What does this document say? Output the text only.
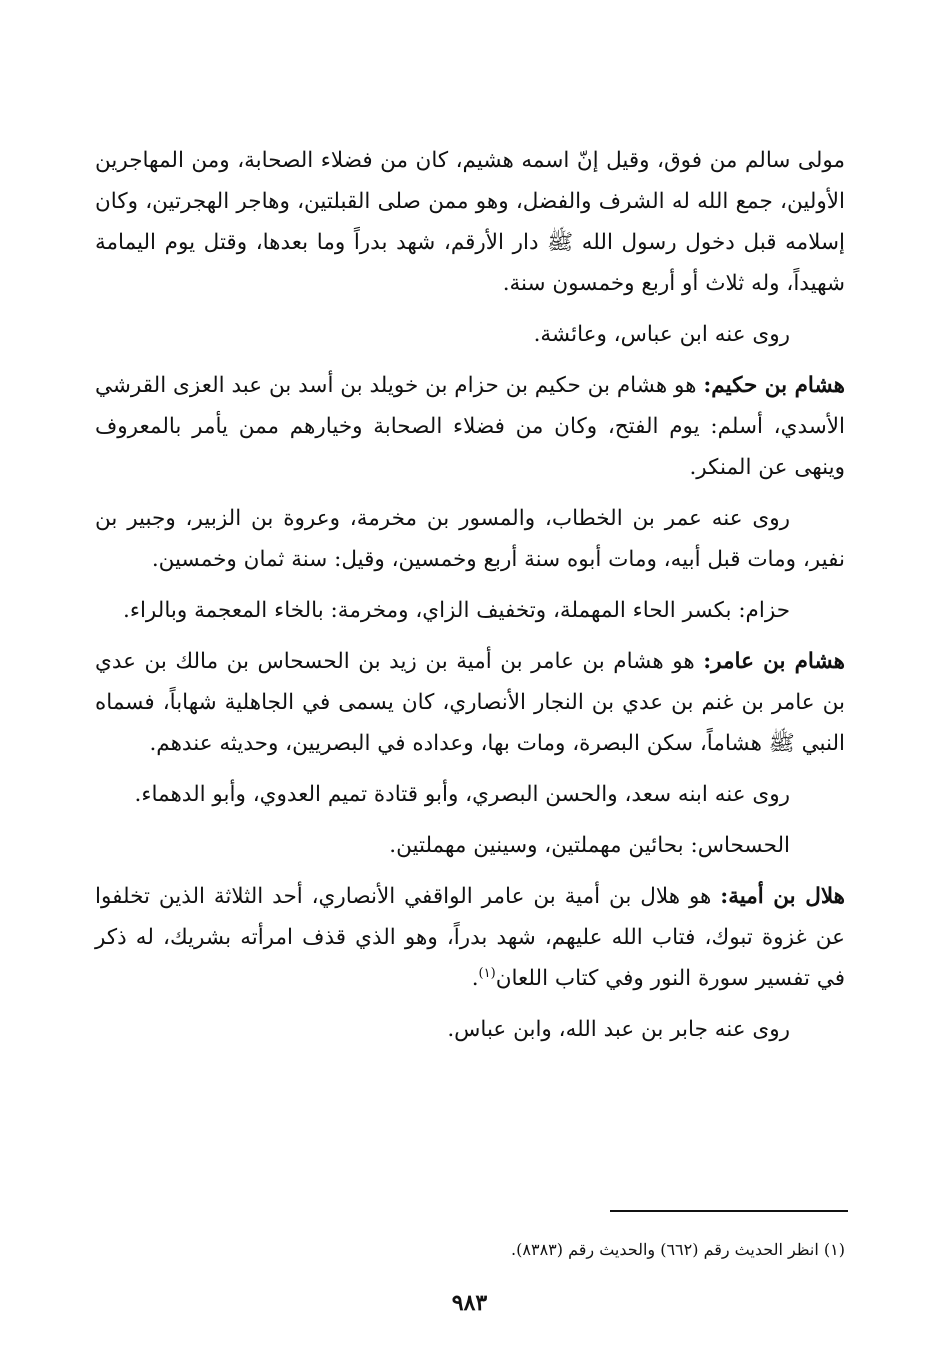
مولى سالم من فوق، وقيل إنّ اسمه هشيم، كان من فضلاء الصحابة، ومن المهاجرين الأولين، جمع الله له الشرف والفضل، وهو ممن صلى القبلتين، وهاجر الهجرتين، وكان إسلامه قبل دخول رسول الله ﷺ دار الأرقم، شهد بدراً وما بعدها، وقتل يوم اليمامة شهيداً، وله ثلاث أو أربع وخمسون سنة.

روى عنه ابن عباس، وعائشة.

هشام بن حكيم: هو هشام بن حكيم بن حزام بن خويلد بن أسد بن عبد العزى القرشي الأسدي، أسلم: يوم الفتح، وكان من فضلاء الصحابة وخيارهم ممن يأمر بالمعروف وينهى عن المنكر.

روى عنه عمر بن الخطاب، والمسور بن مخرمة، وعروة بن الزبير، وجبير بن نفير، ومات قبل أبيه، ومات أبوه سنة أربع وخمسين، وقيل: سنة ثمان وخمسين.

حزام: بكسر الحاء المهملة، وتخفيف الزاي، ومخرمة: بالخاء المعجمة وبالراء.

هشام بن عامر: هو هشام بن عامر بن أمية بن زيد بن الحسحاس بن مالك بن عدي بن عامر بن غنم بن عدي بن النجار الأنصاري، كان يسمى في الجاهلية شهاباً، فسماه النبي ﷺ هشاماً، سكن البصرة، ومات بها، وعداده في البصريين، وحديثه عندهم.

روى عنه ابنه سعد، والحسن البصري، وأبو قتادة تميم العدوي، وأبو الدهماء.

الحسحاس: بحائين مهملتين، وسينين مهملتين.

هلال بن أمية: هو هلال بن أمية بن عامر الواقفي الأنصاري، أحد الثلاثة الذين تخلفوا عن غزوة تبوك، فتاب الله عليهم، شهد بدراً، وهو الذي قذف امرأته بشريك، له ذكر في تفسير سورة النور وفي كتاب اللعان$^{(١)}$.

روى عنه جابر بن عبد الله، وابن عباس.

(١) انظر الحديث رقم (٦٦٢) والحديث رقم (٨٣٨٣).
٩٨٣
